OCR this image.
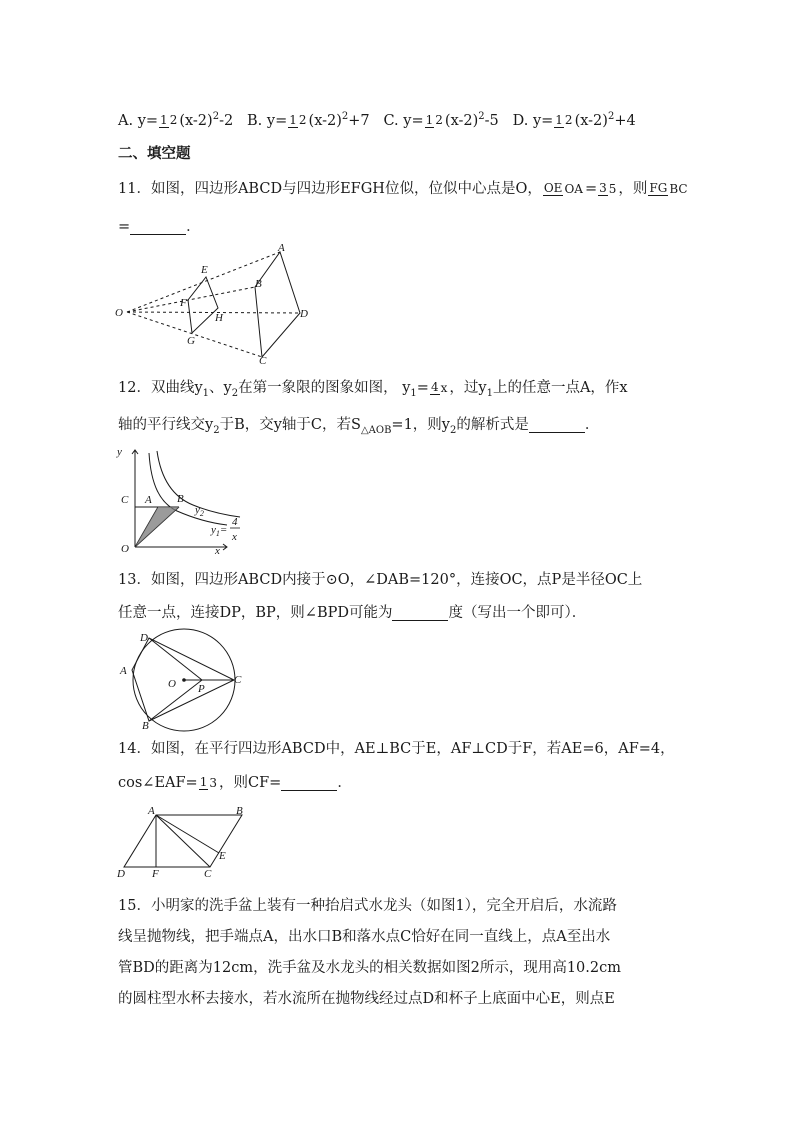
A. y= 1 2 $(x-2)^2-2$ B. y= 1 2 $(x-2)^2+7$ C. y= 1 2 $(x-2)^2-5$ D. y= 1 2 $(x-2)^2+4$
二、填空题
11．如图，四边形ABCD与四边形EFGH位似，位似中心点是O， OE OA = 3 5 ，则 FG BC
=	．
O
E
F
G
H
A
B
C
D
12．双曲线$y_1$、$y_2$在第一象限的图象如图， $y_1= 4$ x ，过$y_1$上的任意一点A，作x
轴的平行线交$y_2$于B，交y轴于C，若$S_{\triangle AOB}=1$，则$y_2$的解析式是	．
y
x
O
C A B
$y_2$
$y_1=$
4
x
13．如图，四边形ABCD内接于⊙O，∠DAB=120°，连接OC，点P是半径OC上
任意一点，连接DP，BP，则∠BPD可能为	度（写出一个即可）．
D
A
O P
C
B
14．如图，在平行四边形ABCD中，AE⊥BC于E，AF⊥CD于F，若AE=6，AF=4，
cos∠EAF= 1 3 ，则CF=	．
A	B
D F	C
E
15．小明家的洗手盆上装有一种抬启式水龙头（如图1），完全开启后，水流路
线呈抛物线，把手端点A，出水口B和落水点C恰好在同一直线上，点A至出水
管BD的距离为12cm，洗手盆及水龙头的相关数据如图2所示，现用高10.2cm
的圆柱型水杯去接水，若水流所在抛物线经过点D和杯子上底面中心E，则点E
